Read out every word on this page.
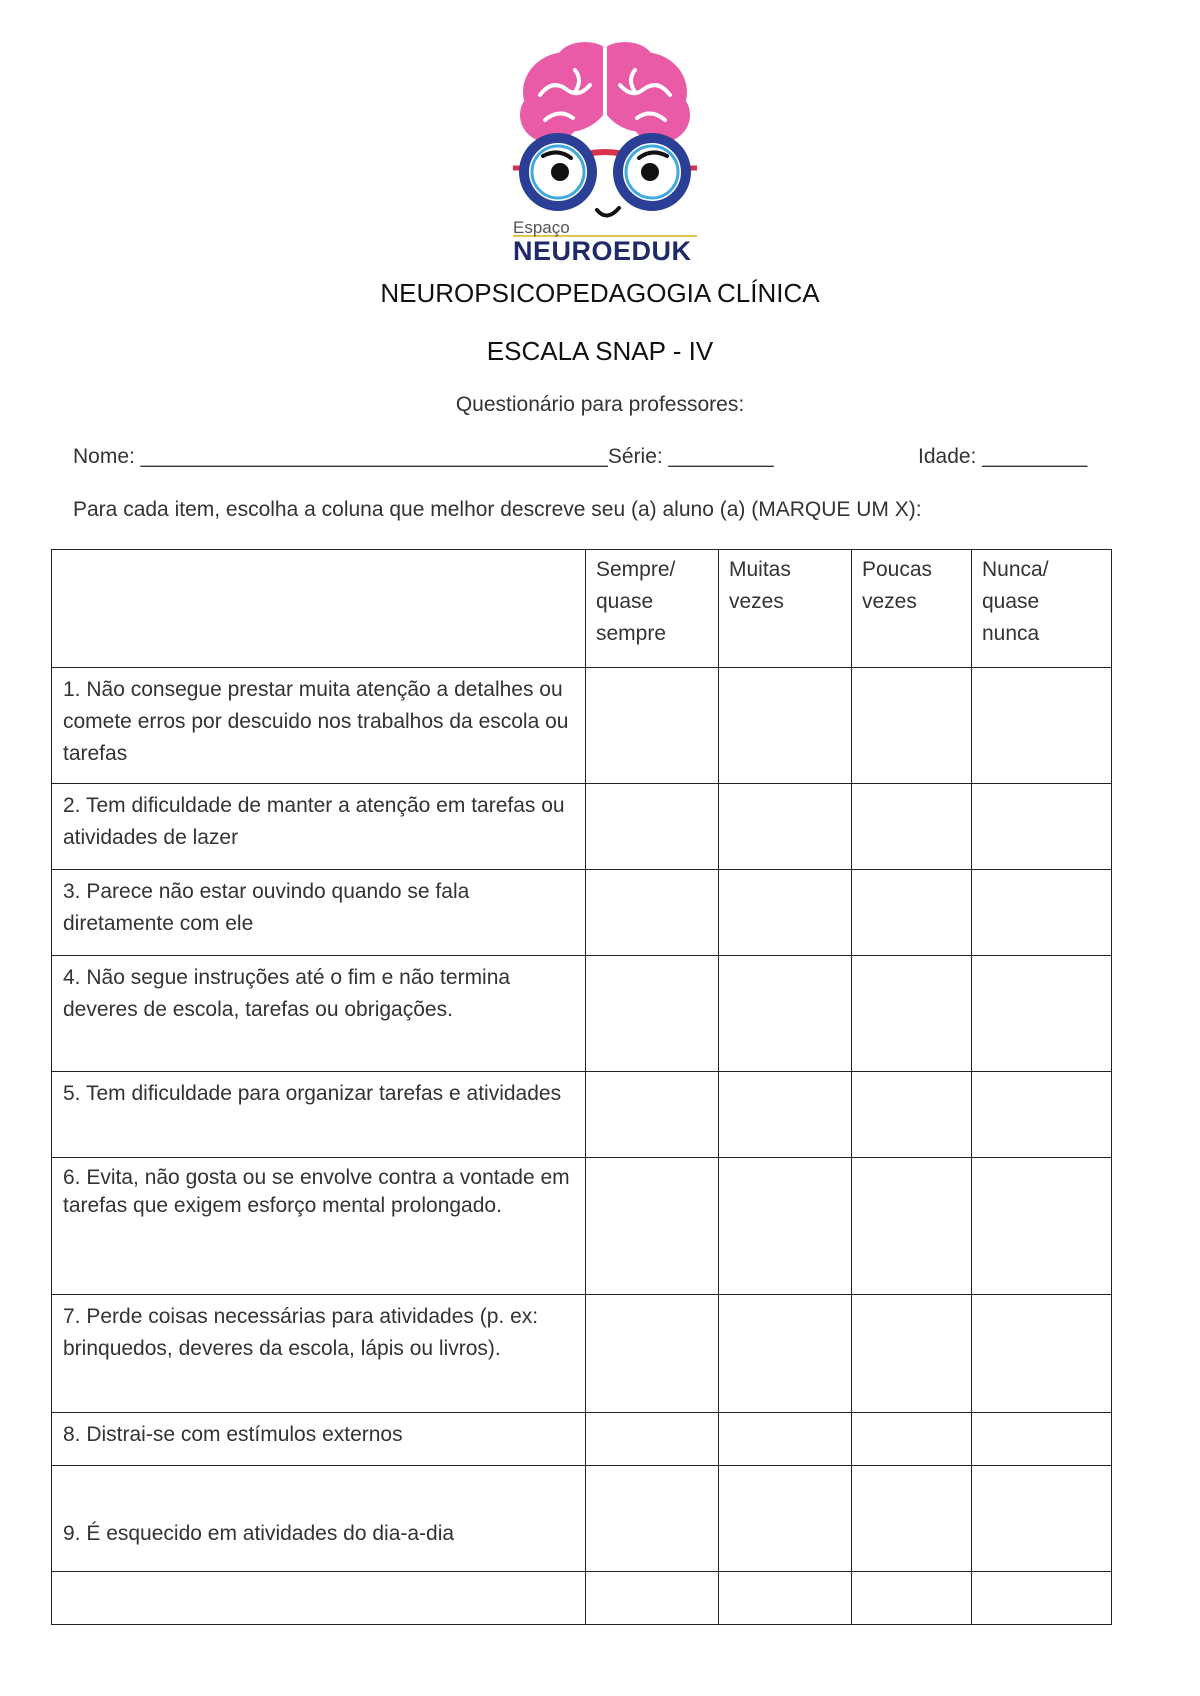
Espaço
NEUROEDUK
NEUROPSICOPEDAGOGIA CLÍNICA
ESCALA SNAP - IV
Questionário para professores:
Nome: ________________________________________Série: _________	Idade: _________
Para cada item, escolha a coluna que melhor descreve seu (a) aluno (a) (MARQUE UM X):

	Sempre/
quase
sempre	Muitas
vezes	Poucas
vezes	Nunca/
quase
nunca

1. Não consegue prestar muita atenção a detalhes ou comete erros por descuido nos trabalhos da escola ou tarefas				

2. Tem dificuldade de manter a atenção em tarefas ou atividades de lazer				

3. Parece não estar ouvindo quando se fala diretamente com ele				

4. Não segue instruções até o fim e não termina deveres de escola, tarefas ou obrigações.				

5. Tem dificuldade para organizar tarefas e atividades				

6. Evita, não gosta ou se envolve contra a vontade em tarefas que exigem esforço mental prolongado.				

7. Perde coisas necessárias para atividades (p. ex: brinquedos, deveres da escola, lápis ou livros).				

8. Distrai-se com estímulos externos				

9. É esquecido em atividades do dia-a-dia				
